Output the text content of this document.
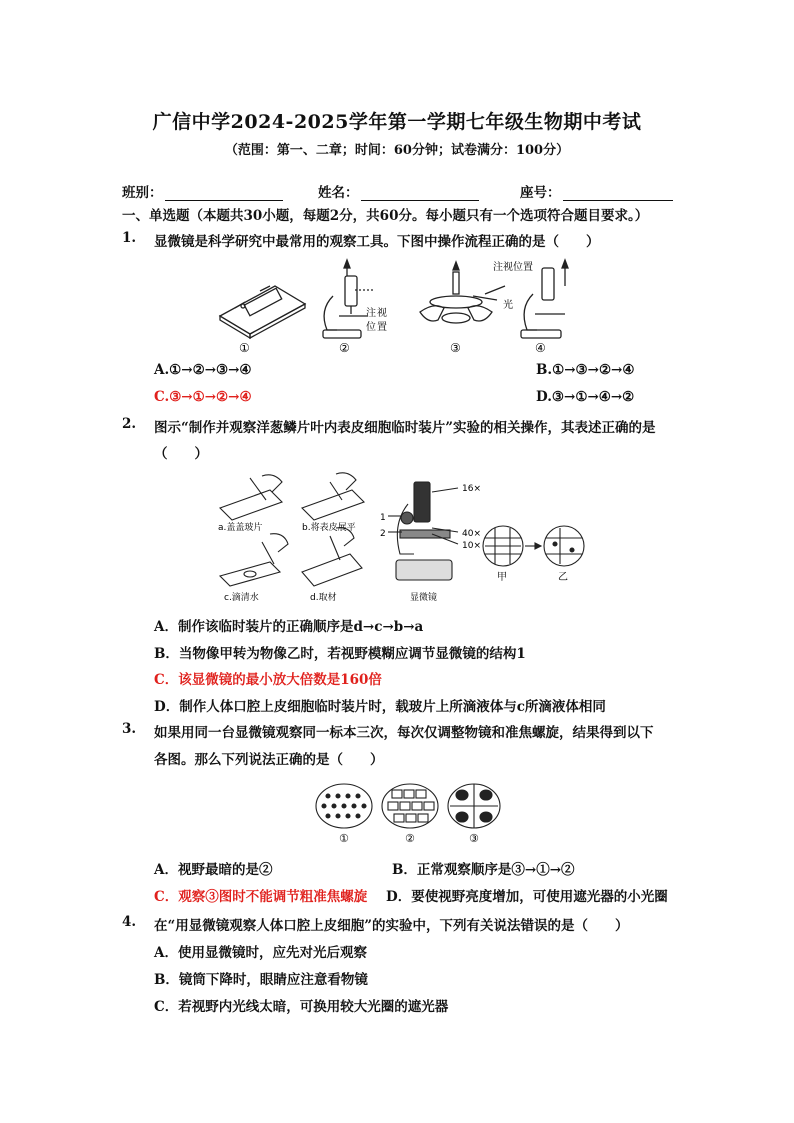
广信中学2024-2025学年第一学期七年级生物期中考试
（范围：第一、二章；时间：60分钟；试卷满分：100分）
班别：	姓名：	座号：
一、单选题（本题共30小题，每题2分，共60分。每小题只有一个选项符合题目要求。）
1. 显微镜是科学研究中最常用的观察工具。下图中操作流程正确的是（　　）
注 视
位 置
光
注视位置
①	②	③	④
A.①→②→③→④	B.①→③→②→④
C.③→①→②→④	D.③→①→④→②
2. 图示“制作并观察洋葱鳞片叶内表皮细胞临时装片”实验的相关操作，其表述正确的是
（　　）
a.盖盖玻片	b.将表皮展平
c.滴清水	d.取材	显微镜
16×
40×
10×
1
2
甲	乙
A．制作该临时装片的正确顺序是d→c→b→a
B．当物像甲转为物像乙时，若视野模糊应调节显微镜的结构1
C．该显微镜的最小放大倍数是160倍
D．制作人体口腔上皮细胞临时装片时，载玻片上所滴液体与c所滴液体相同
3. 如果用同一台显微镜观察同一标本三次，每次仅调整物镜和准焦螺旋，结果得到以下
各图。那么下列说法正确的是（　　）
①	②	③
A．视野最暗的是②	B．正常观察顺序是③→①→②
C．观察③图时不能调节粗准焦螺旋 D．要使视野亮度增加，可使用遮光器的小光圈
4. 在“用显微镜观察人体口腔上皮细胞”的实验中，下列有关说法错误的是（　　）
A．使用显微镜时，应先对光后观察
B．镜筒下降时，眼睛应注意看物镜
C．若视野内光线太暗，可换用较大光圈的遮光器
